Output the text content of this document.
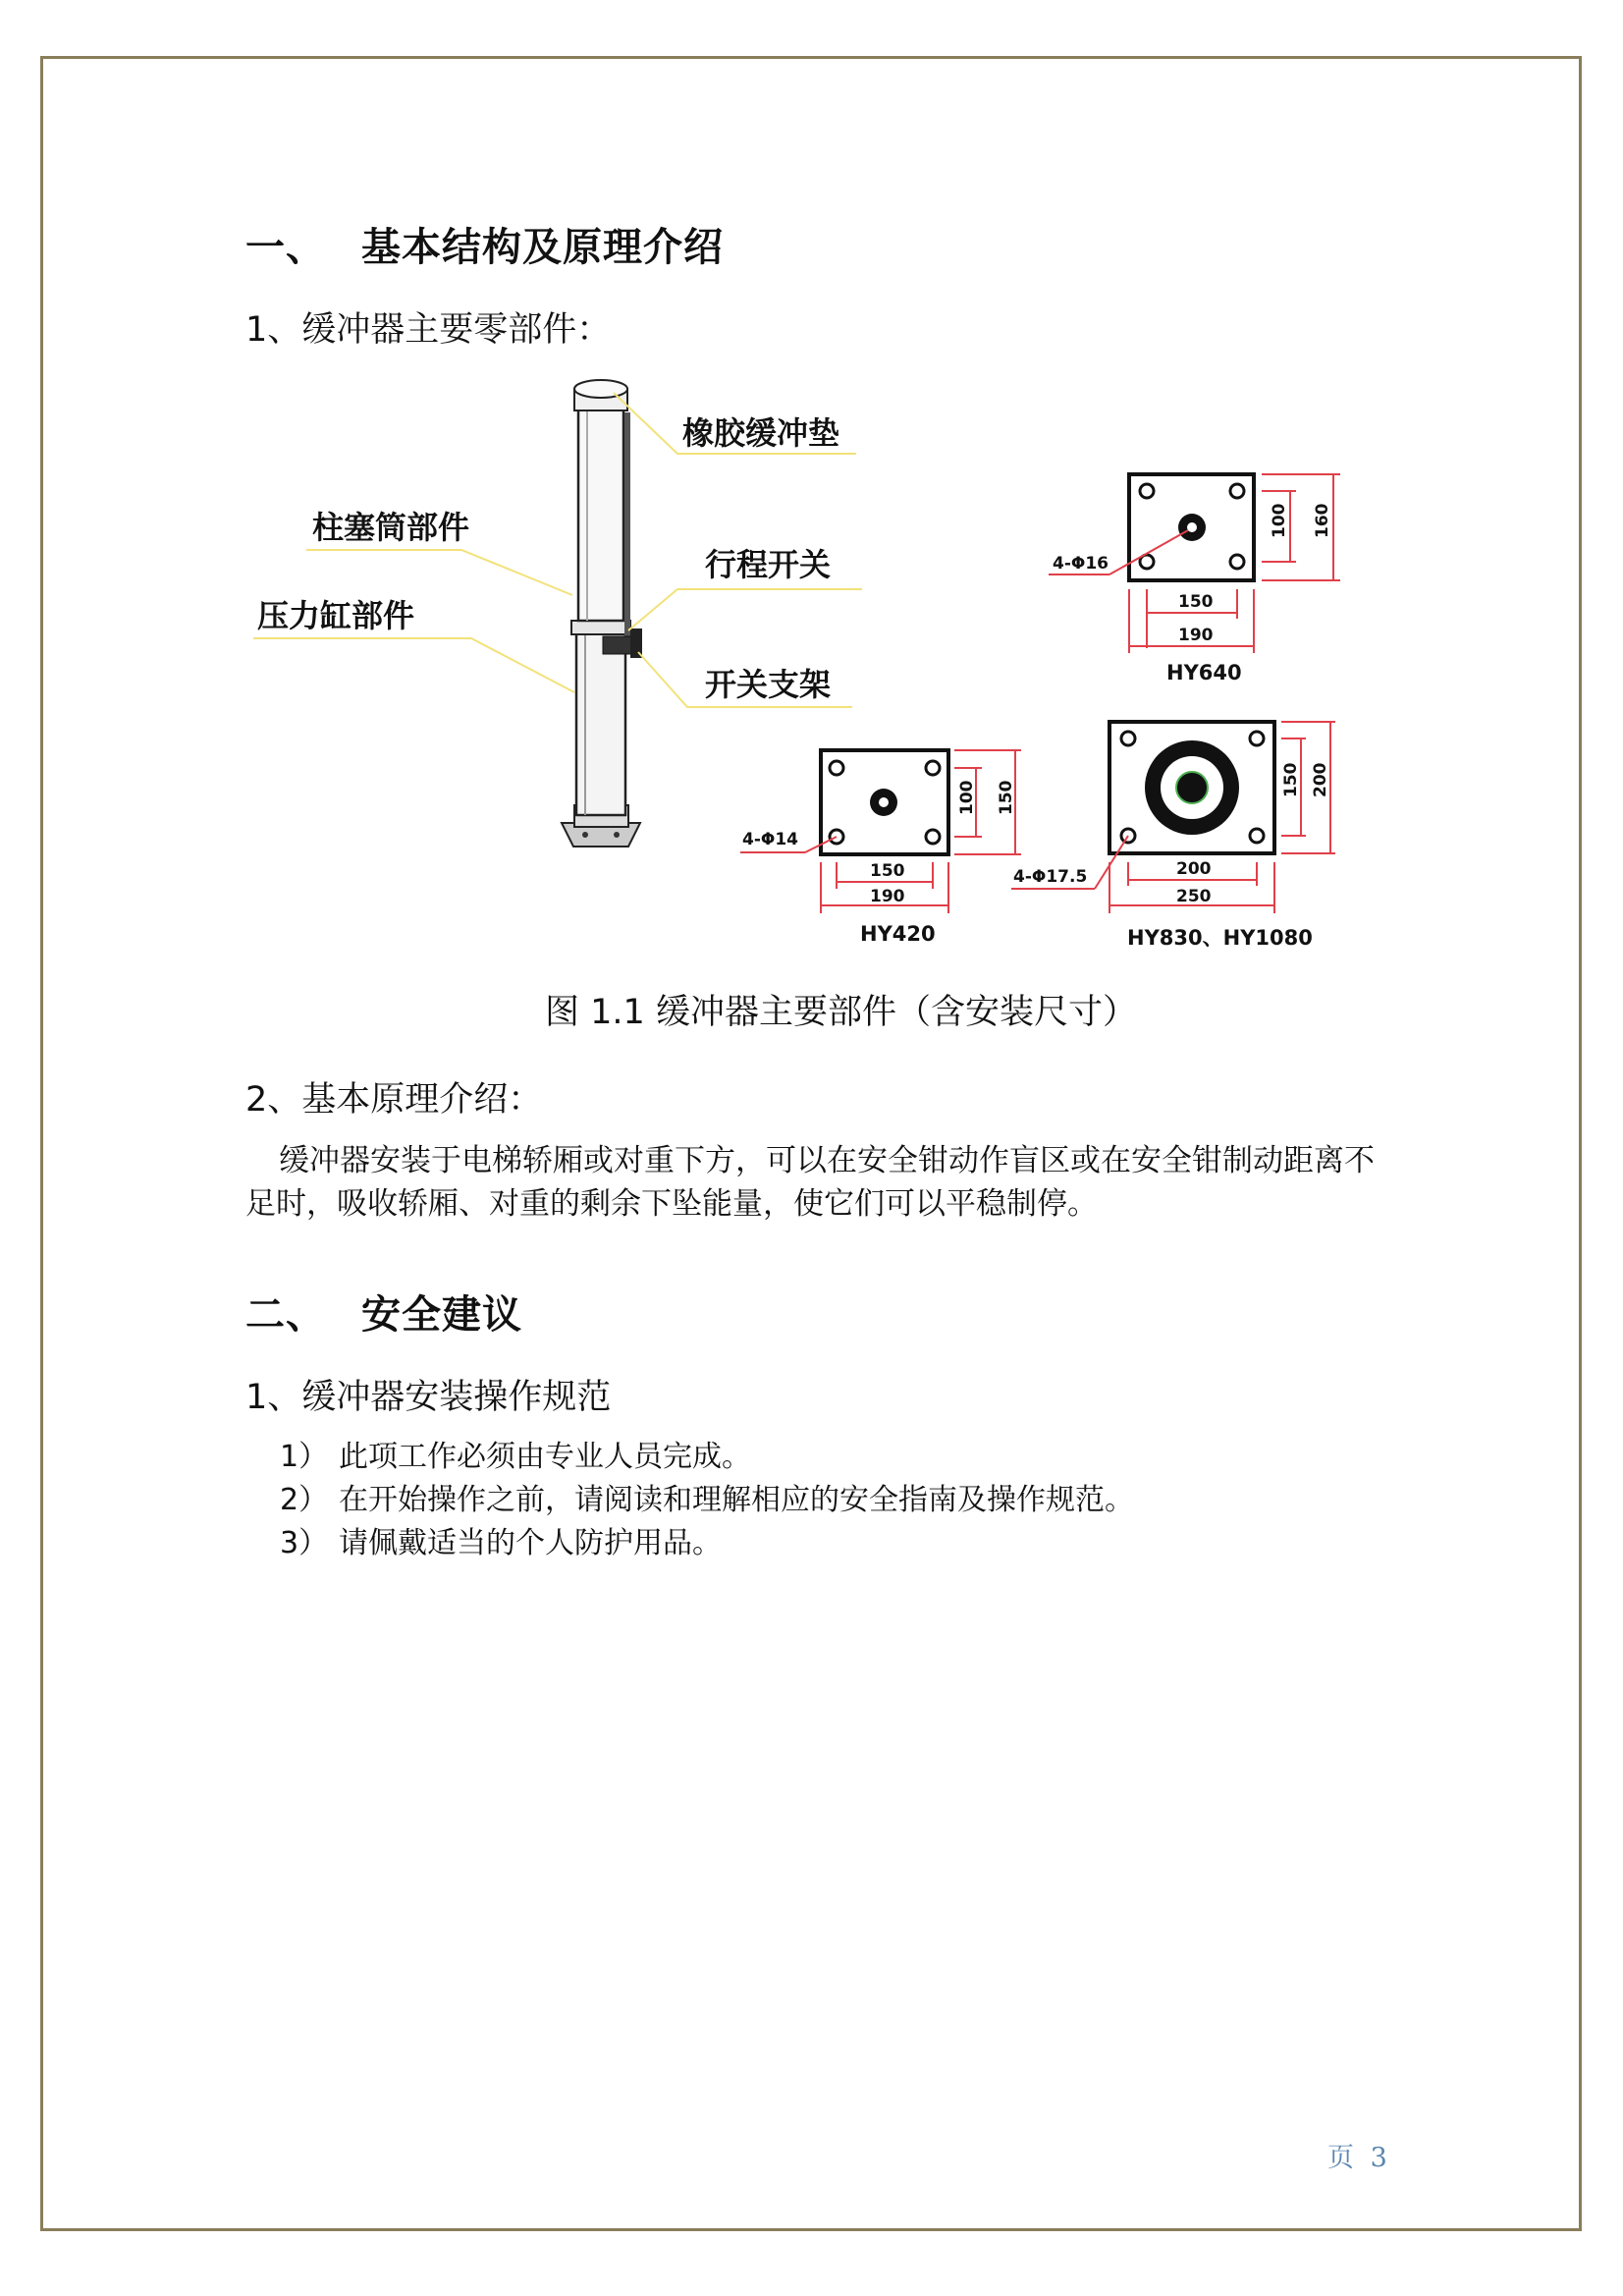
一、 基本结构及原理介绍
1、缓冲器主要零部件：
橡胶缓冲垫
柱塞筒部件
行程开关
压力缸部件
开关支架
4-Φ16
150
190
100 160
HY640
4-Φ14
150
190
100 150
HY420
4-Φ17.5	200
250
150 200
HY830、HY1080
图 1.1 缓冲器主要部件（含安装尺寸）
2、基本原理介绍：
缓冲器安装于电梯轿厢或对重下方，可以在安全钳动作盲区或在安全钳制动距离不足时，吸收轿厢、对重的剩余下坠能量，使它们可以平稳制停。
二、 安全建议
1、缓冲器安装操作规范
1） 此项工作必须由专业人员完成。
2） 在开始操作之前，请阅读和理解相应的安全指南及操作规范。
3） 请佩戴适当的个人防护用品。
页 3
